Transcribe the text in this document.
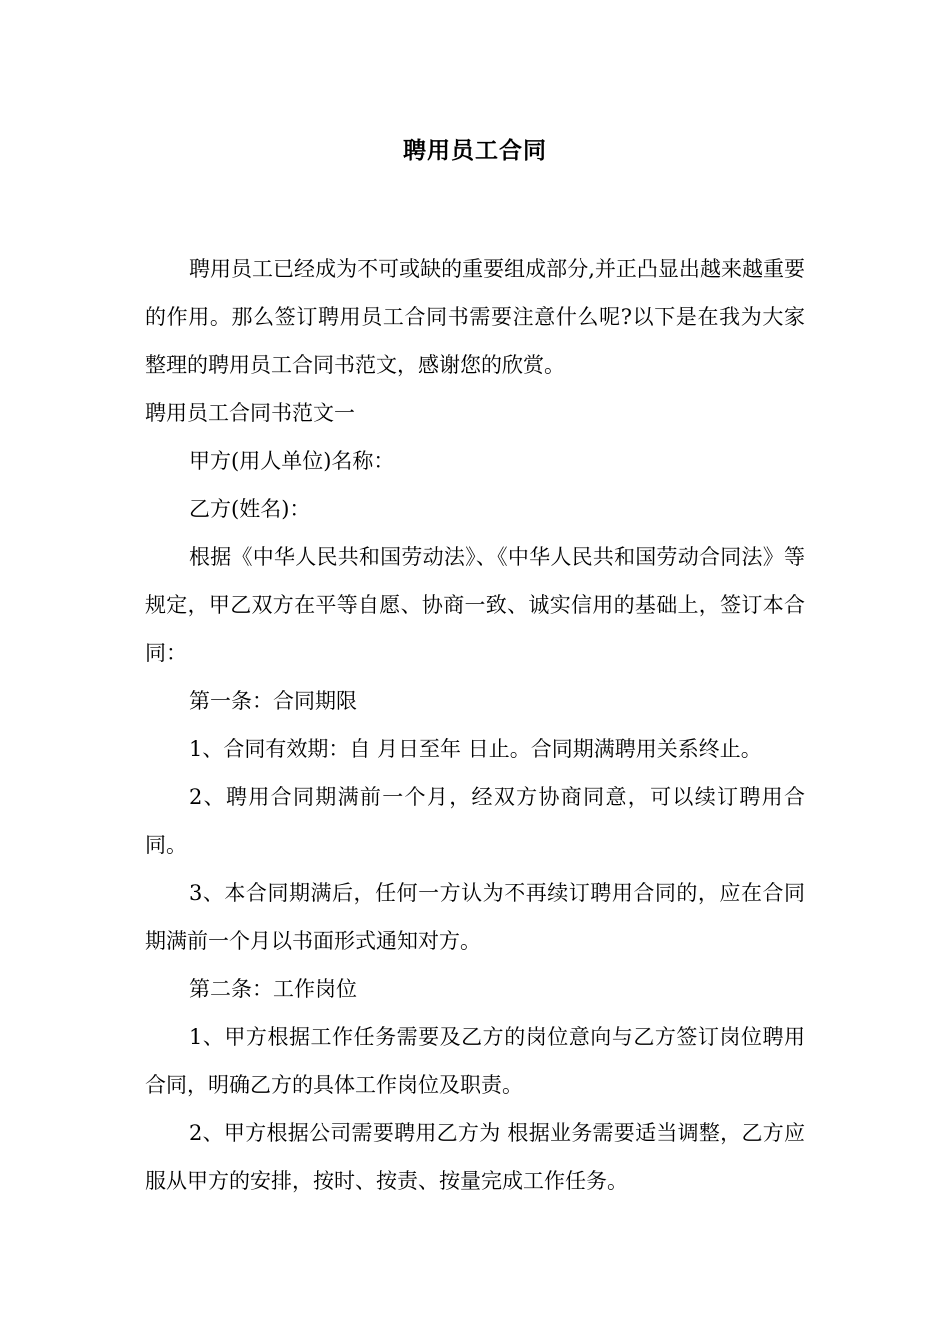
聘用员工合同

聘用员工已经成为不可或缺的重要组成部分,并正凸显出越来越重要的作用。那么签订聘用员工合同书需要注意什么呢?以下是在我为大家整理的聘用员工合同书范文，感谢您的欣赏。

聘用员工合同书范文一

甲方(用人单位)名称：

乙方(姓名)：

根据《中华人民共和国劳动法》、《中华人民共和国劳动合同法》等规定，甲乙双方在平等自愿、协商一致、诚实信用的基础上，签订本合同：

第一条：合同期限

1、合同有效期：自 月日至年 日止。合同期满聘用关系终止。

2、聘用合同期满前一个月，经双方协商同意，可以续订聘用合同。

3、本合同期满后，任何一方认为不再续订聘用合同的，应在合同期满前一个月以书面形式通知对方。

第二条：工作岗位

1、甲方根据工作任务需要及乙方的岗位意向与乙方签订岗位聘用合同，明确乙方的具体工作岗位及职责。

2、甲方根据公司需要聘用乙方为 根据业务需要适当调整，乙方应服从甲方的安排，按时、按责、按量完成工作任务。
